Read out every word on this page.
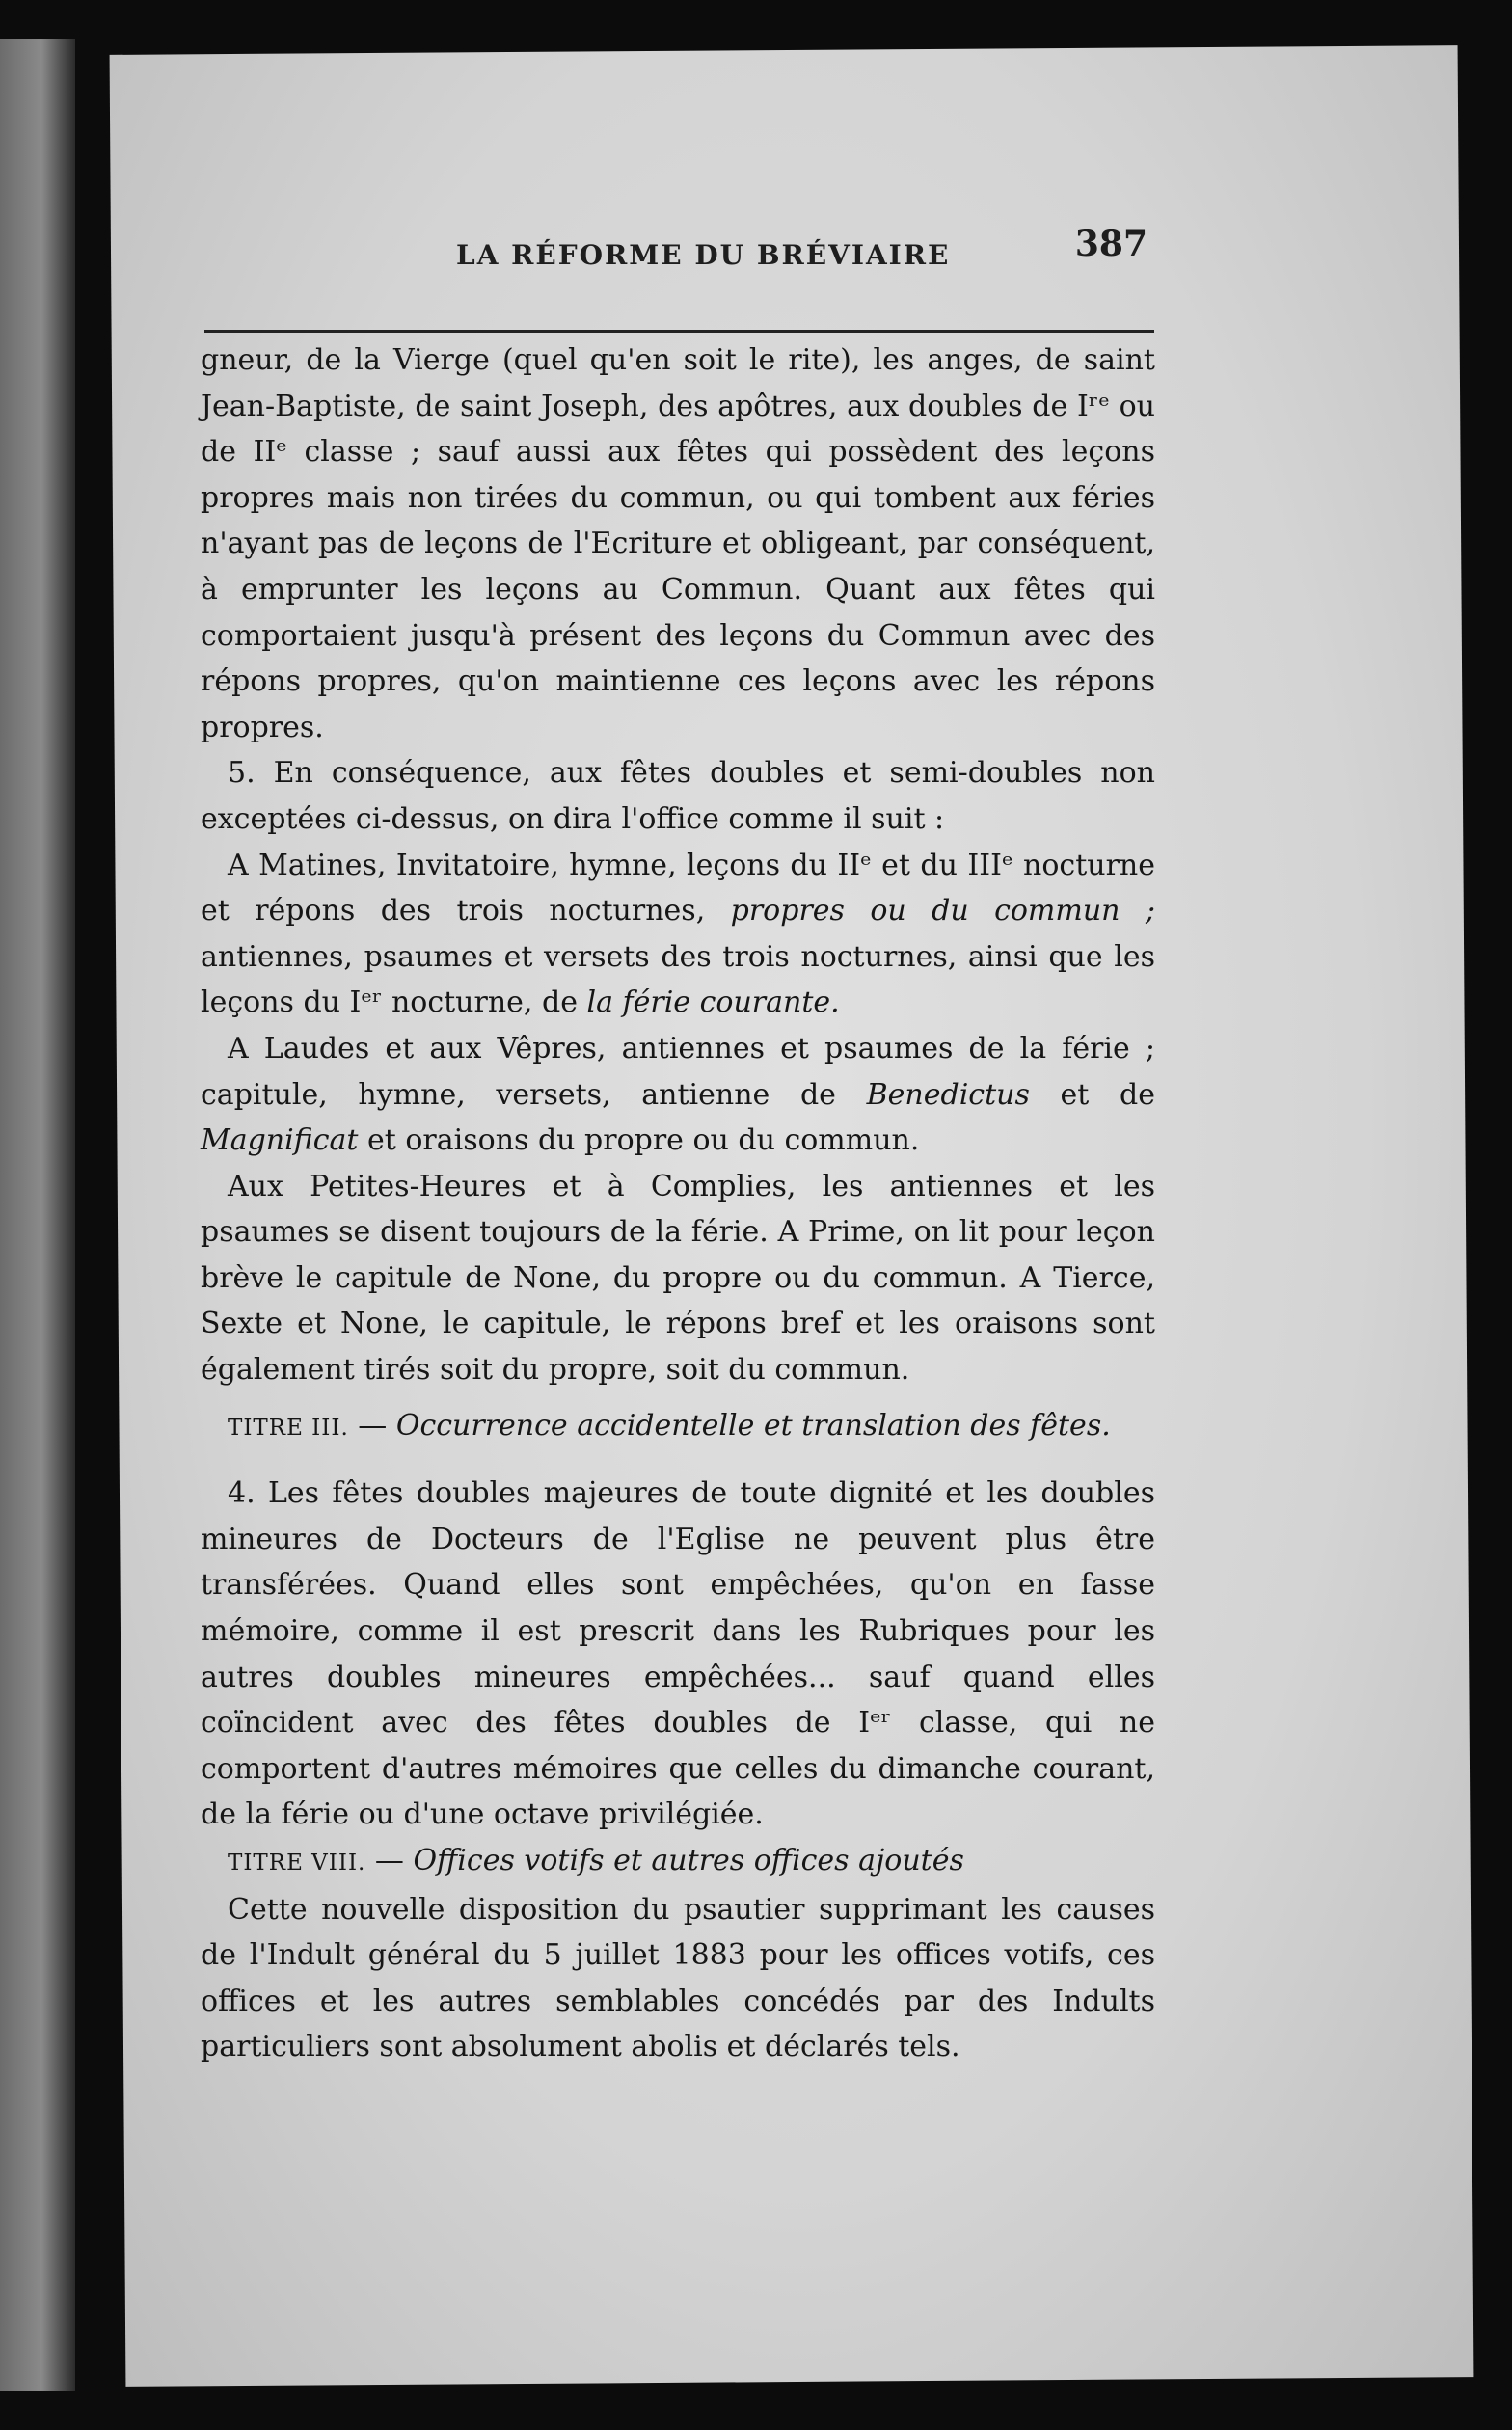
LA RÉFORME DU BRÉVIAIRE	387

gneur, de la Vierge (quel qu'en soit le rite), les anges, de saint Jean-Baptiste, de saint Joseph, des apôtres, aux doubles de Iʳᵉ ou de IIᵉ classe ; sauf aussi aux fêtes qui possèdent des leçons propres mais non tirées du commun, ou qui tombent aux féries n'ayant pas de leçons de l'Ecriture et obligeant, par conséquent, à emprunter les leçons au Commun. Quant aux fêtes qui comportaient jusqu'à présent des leçons du Commun avec des répons propres, qu'on maintienne ces leçons avec les répons propres.

5. En conséquence, aux fêtes doubles et semi-doubles non exceptées ci-dessus, on dira l'office comme il suit :

A Matines, Invitatoire, hymne, leçons du IIᵉ et du IIIᵉ nocturne et répons des trois nocturnes, propres ou du commun ; antiennes, psaumes et versets des trois nocturnes, ainsi que les leçons du Iᵉʳ nocturne, de la férie courante.

A Laudes et aux Vêpres, antiennes et psaumes de la férie ; capitule, hymne, versets, antienne de Benedictus et de Magnificat et oraisons du propre ou du commun.

Aux Petites-Heures et à Complies, les antiennes et les psaumes se disent toujours de la férie. A Prime, on lit pour leçon brève le capitule de None, du propre ou du commun. A Tierce, Sexte et None, le capitule, le répons bref et les oraisons sont également tirés soit du propre, soit du commun.

TITRE III. — Occurrence accidentelle et translation des fêtes.

4. Les fêtes doubles majeures de toute dignité et les doubles mineures de Docteurs de l'Eglise ne peuvent plus être transférées. Quand elles sont empêchées, qu'on en fasse mémoire, comme il est prescrit dans les Rubriques pour les autres doubles mineures empêchées... sauf quand elles coïncident avec des fêtes doubles de Iᵉʳ classe, qui ne comportent d'autres mémoires que celles du dimanche courant, de la férie ou d'une octave privilégiée.

TITRE VIII. — Offices votifs et autres offices ajoutés

Cette nouvelle disposition du psautier supprimant les causes de l'Indult général du 5 juillet 1883 pour les offices votifs, ces offices et les autres semblables concédés par des Indults particuliers sont absolument abolis et déclarés tels.
